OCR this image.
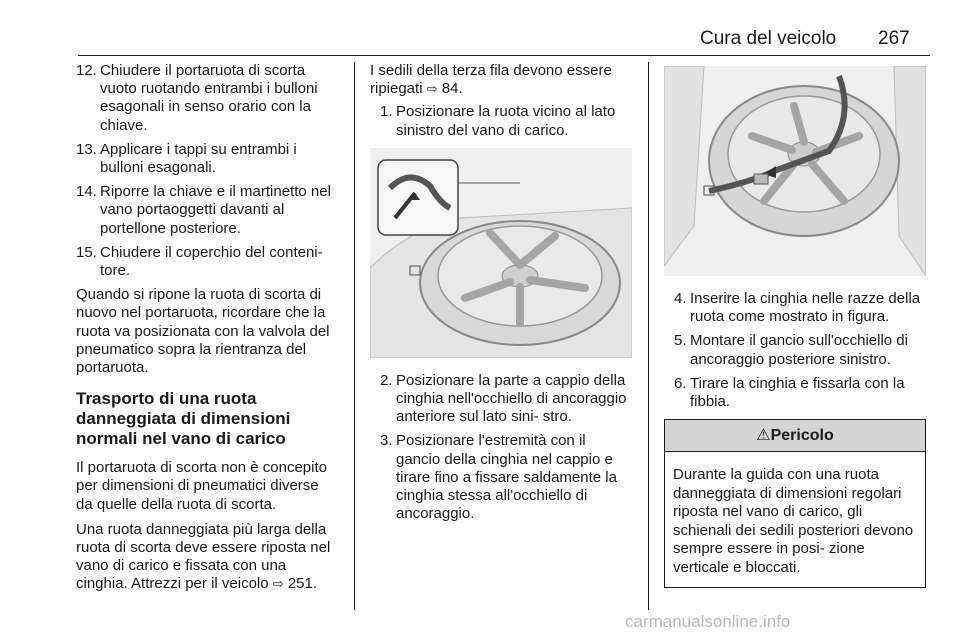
Cura del veicolo 267
12. Chiudere il portaruota di scorta vuoto ruotando entrambi i bulloni esagonali in senso orario con la chiave.
13. Applicare i tappi su entrambi i bulloni esagonali.
14. Riporre la chiave e il martinetto nel vano portaoggetti davanti al portellone posteriore.
15. Chiudere il coperchio del conteni- tore.

Quando si ripone la ruota di scorta di nuovo nel portaruota, ricordare che la ruota va posizionata con la valvola del pneumatico sopra la rientranza del portaruota.

Trasporto di una ruota danneggiata di dimensioni normali nel vano di carico

Il portaruota di scorta non è concepito per dimensioni di pneumatici diverse da quelle della ruota di scorta.

Una ruota danneggiata più larga della ruota di scorta deve essere riposta nel vano di carico e fissata con una cinghia. Attrezzi per il veicolo ⇨ 251.

I sedili della terza fila devono essere ripiegati ⇨ 84.

1. Posizionare la ruota vicino al lato sinistro del vano di carico.
2. Posizionare la parte a cappio della cinghia nell'occhiello di ancoraggio anteriore sul lato sini- stro.
3. Posizionare l'estremità con il gancio della cinghia nel cappio e tirare fino a fissare saldamente la cinghia stessa all'occhiello di ancoraggio.
4. Inserire la cinghia nelle razze della ruota come mostrato in figura.
5. Montare il gancio sull'occhiello di ancoraggio posteriore sinistro.
6. Tirare la cinghia e fissarla con la fibbia.
⚠Pericolo
Durante la guida con una ruota danneggiata di dimensioni regolari riposta nel vano di carico, gli schienali dei sedili posteriori devono sempre essere in posi- zione verticale e bloccati.
carmanualsonline.info
